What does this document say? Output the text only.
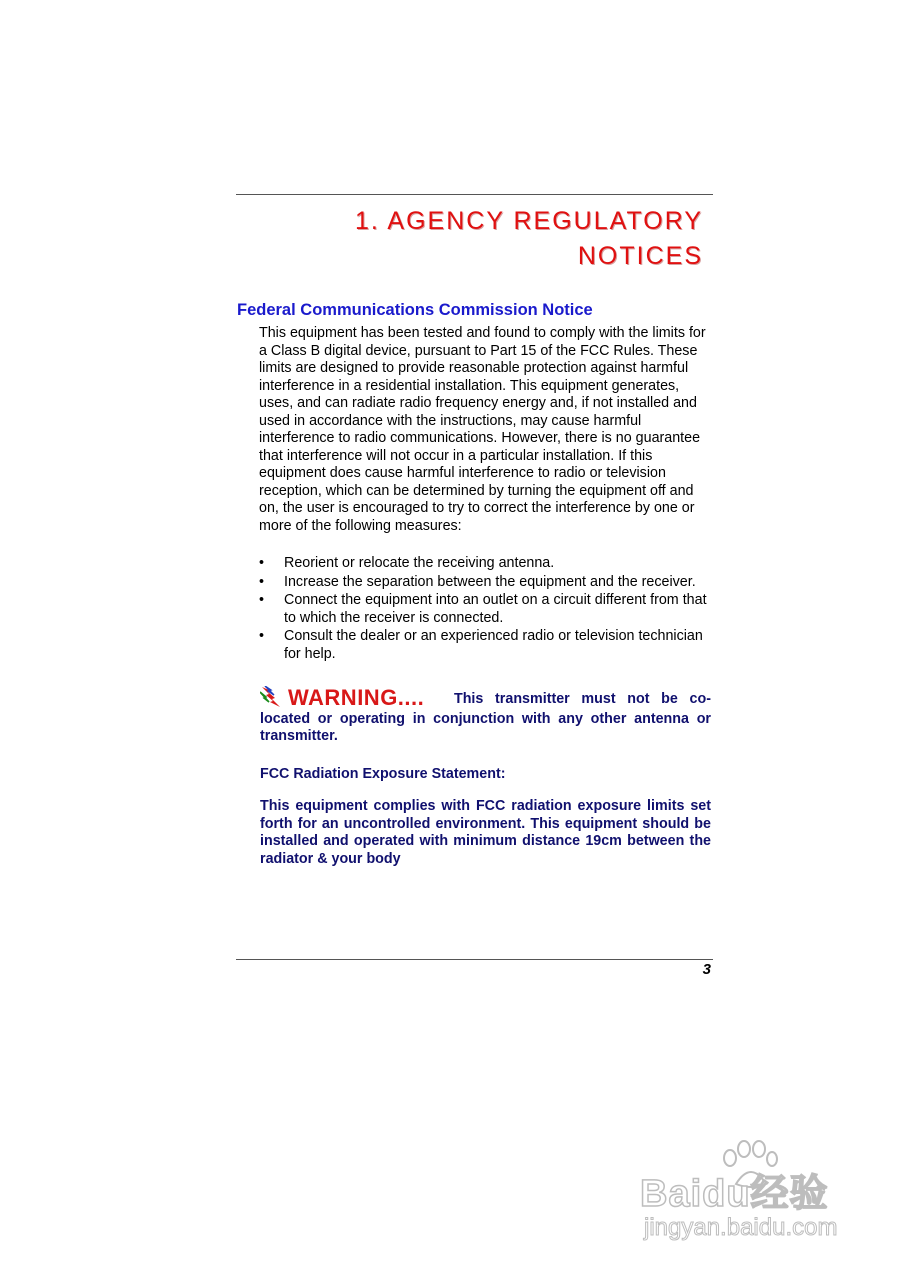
1. AGENCY REGULATORY
NOTICES
Federal Communications Commission Notice

This equipment has been tested and found to comply with the limits for a Class B digital device, pursuant to Part 15 of the FCC Rules. These limits are designed to provide reasonable protection against harmful interference in a residential installation. This equipment generates, uses, and can radiate radio frequency energy and, if not installed and used in accordance with the instructions, may cause harmful interference to radio communications. However, there is no guarantee that interference will not occur in a particular installation. If this equipment does cause harmful interference to radio or television reception, which can be determined by turning the equipment off and on, the user is encouraged to try to correct the interference by one or more of the following measures:

• Reorient or relocate the receiving antenna.
• Increase the separation between the equipment and the receiver.
• Connect the equipment into an outlet on a circuit different from that to which the receiver is connected.
• Consult the dealer or an experienced radio or television technician for help.

WARNING.... This transmitter must not be co-located or operating in conjunction with any other antenna or transmitter.

FCC Radiation Exposure Statement:

This equipment complies with FCC radiation exposure limits set forth for an uncontrolled environment. This equipment should be installed and operated with minimum distance 19cm between the radiator & your body

3
Baidu经验
jingyan.baidu.com
